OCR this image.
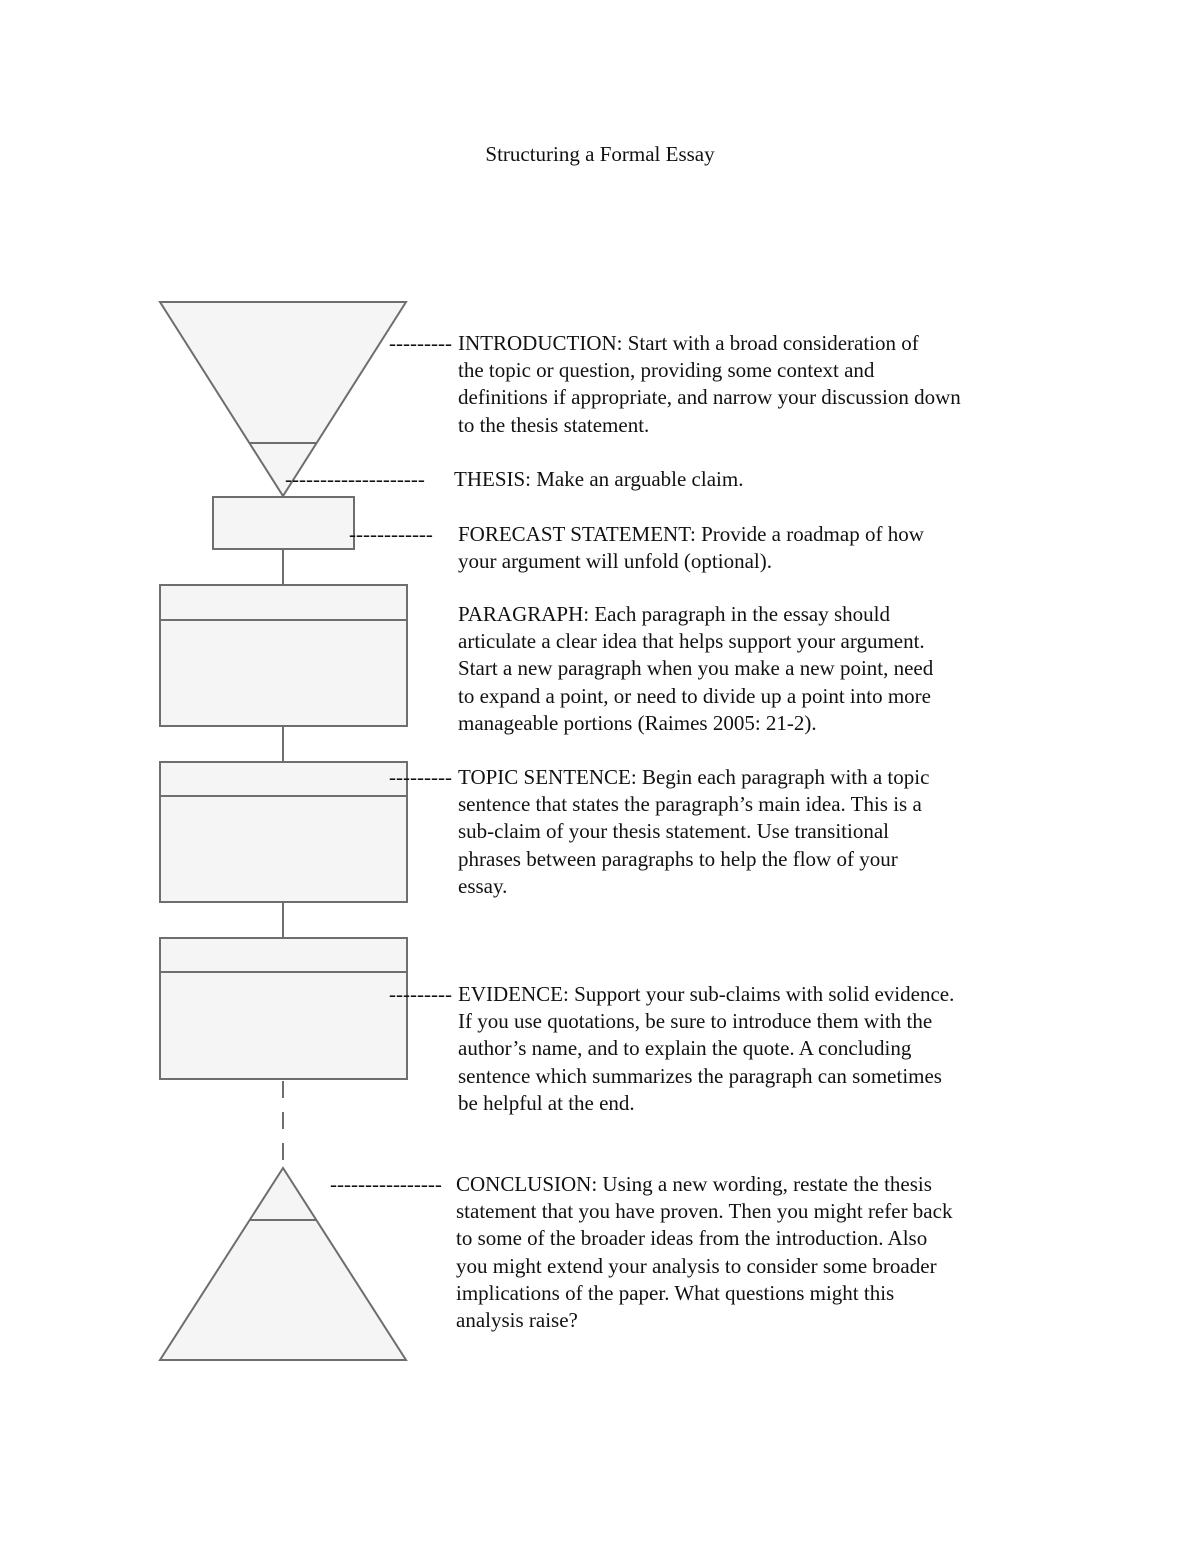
Structuring a Formal Essay
--------- INTRODUCTION: Start with a broad consideration of
the topic or question, providing some context and
definitions if appropriate, and narrow your discussion down
to the thesis statement.
-------------------- THESIS: Make an arguable claim.
------------ FORECAST STATEMENT: Provide a roadmap of how
your argument will unfold (optional).
PARAGRAPH: Each paragraph in the essay should
articulate a clear idea that helps support your argument.
Start a new paragraph when you make a new point, need
to expand a point, or need to divide up a point into more
manageable portions (Raimes 2005: 21-2).
--------- TOPIC SENTENCE: Begin each paragraph with a topic
sentence that states the paragraph’s main idea. This is a
sub-claim of your thesis statement. Use transitional
phrases between paragraphs to help the flow of your
essay.
--------- EVIDENCE: Support your sub-claims with solid evidence.
If you use quotations, be sure to introduce them with the
author’s name, and to explain the quote. A concluding
sentence which summarizes the paragraph can sometimes
be helpful at the end.
---------------- CONCLUSION: Using a new wording, restate the thesis
statement that you have proven. Then you might refer back
to some of the broader ideas from the introduction. Also
you might extend your analysis to consider some broader
implications of the paper. What questions might this
analysis raise?
